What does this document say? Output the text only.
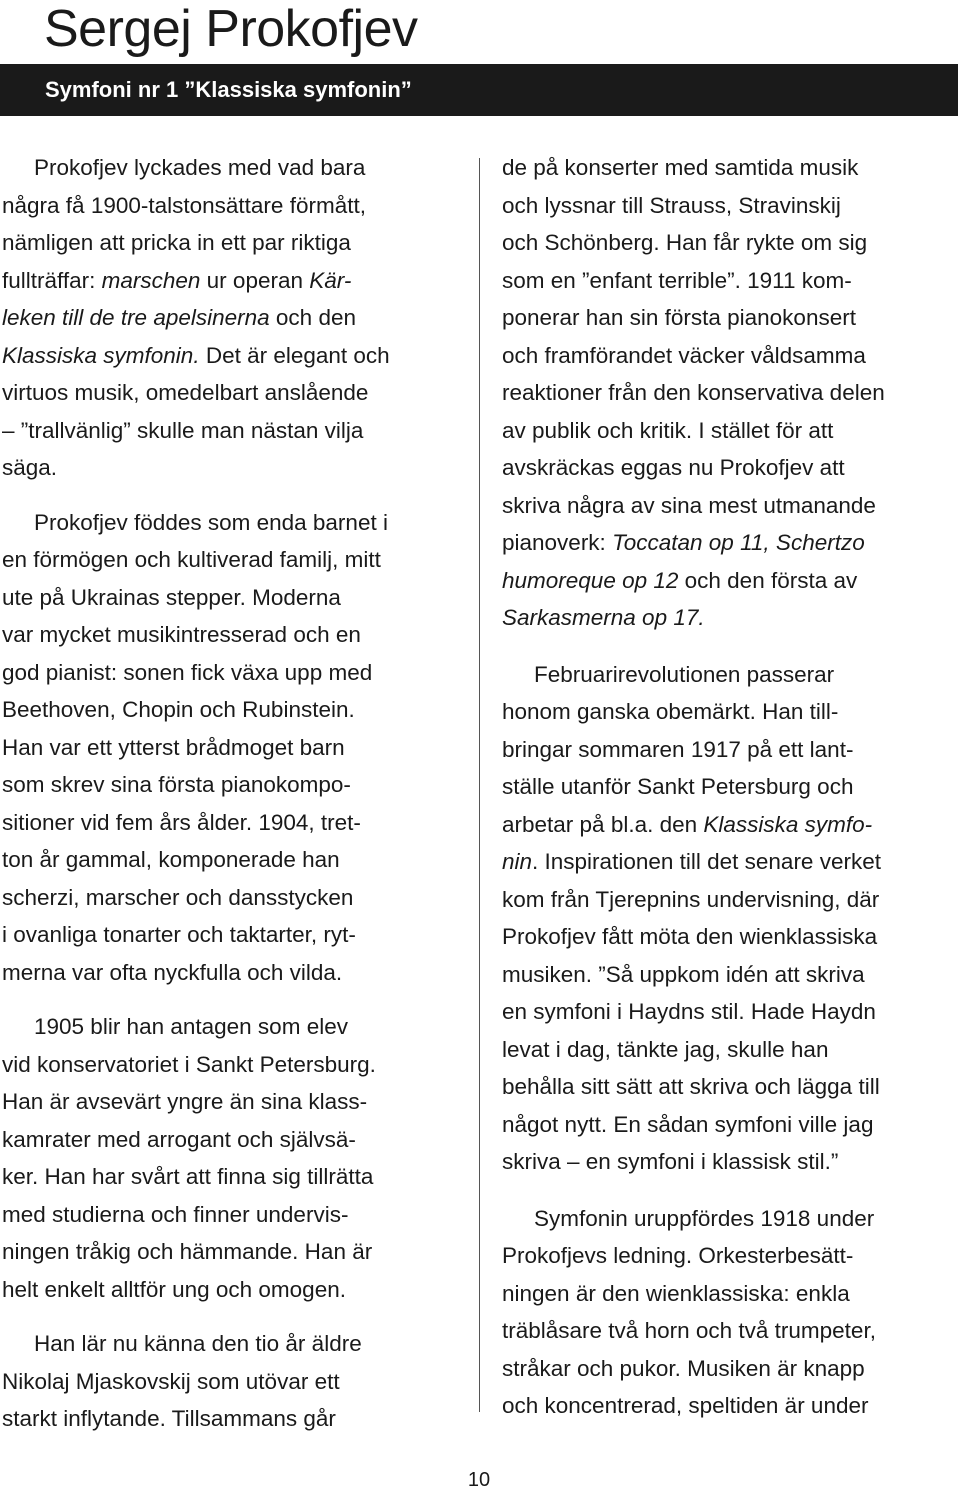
Sergej Prokofjev
Symfoni nr 1 ”Klassiska symfonin”
Prokofjev lyckades med vad bara
några få 1900-talstonsättare förmått,
nämligen att pricka in ett par riktiga
fullträffar: marschen ur operan Kär-
leken till de tre apelsinerna och den
Klassiska symfonin. Det är elegant och
virtuos musik, omedelbart anslående
– ”trallvänlig” skulle man nästan vilja
säga.
Prokofjev föddes som enda barnet i
en förmögen och kultiverad familj, mitt
ute på Ukrainas stepper. Moderna
var mycket musikintresserad och en
god pianist: sonen fick växa upp med
Beethoven, Chopin och Rubinstein.
Han var ett ytterst brådmoget barn
som skrev sina första pianokompo-
sitioner vid fem års ålder. 1904, tret-
ton år gammal, komponerade han
scherzi, marscher och dansstycken
i ovanliga tonarter och taktarter, ryt-
merna var ofta nyckfulla och vilda.
1905 blir han antagen som elev
vid konservatoriet i Sankt Petersburg.
Han är avsevärt yngre än sina klass-
kamrater med arrogant och självsä-
ker. Han har svårt att finna sig tillrätta
med studierna och finner undervis-
ningen tråkig och hämmande. Han är
helt enkelt alltför ung och omogen.
Han lär nu känna den tio år äldre
Nikolaj Mjaskovskij som utövar ett
starkt inflytande. Tillsammans går
de på konserter med samtida musik
och lyssnar till Strauss, Stravinskij
och Schönberg. Han får rykte om sig
som en ”enfant terrible”. 1911 kom-
ponerar han sin första pianokonsert
och framförandet väcker våldsamma
reaktioner från den konservativa delen
av publik och kritik. I stället för att
avskräckas eggas nu Prokofjev att
skriva några av sina mest utmanande
pianoverk: Toccatan op 11, Schertzo
humoreque op 12 och den första av
Sarkasmerna op 17.
Februarirevolutionen passerar
honom ganska obemärkt. Han till-
bringar sommaren 1917 på ett lant-
ställe utanför Sankt Petersburg och
arbetar på bl.a. den Klassiska symfo-
nin. Inspirationen till det senare verket
kom från Tjerepnins undervisning, där
Prokofjev fått möta den wienklassiska
musiken. ”Så uppkom idén att skriva
en symfoni i Haydns stil. Hade Haydn
levat i dag, tänkte jag, skulle han
behålla sitt sätt att skriva och lägga till
något nytt. En sådan symfoni ville jag
skriva – en symfoni i klassisk stil.”
Symfonin uruppfördes 1918 under
Prokofjevs ledning. Orkesterbesätt-
ningen är den wienklassiska: enkla
träblåsare två horn och två trumpeter,
stråkar och pukor. Musiken är knapp
och koncentrerad, speltiden är under
10
